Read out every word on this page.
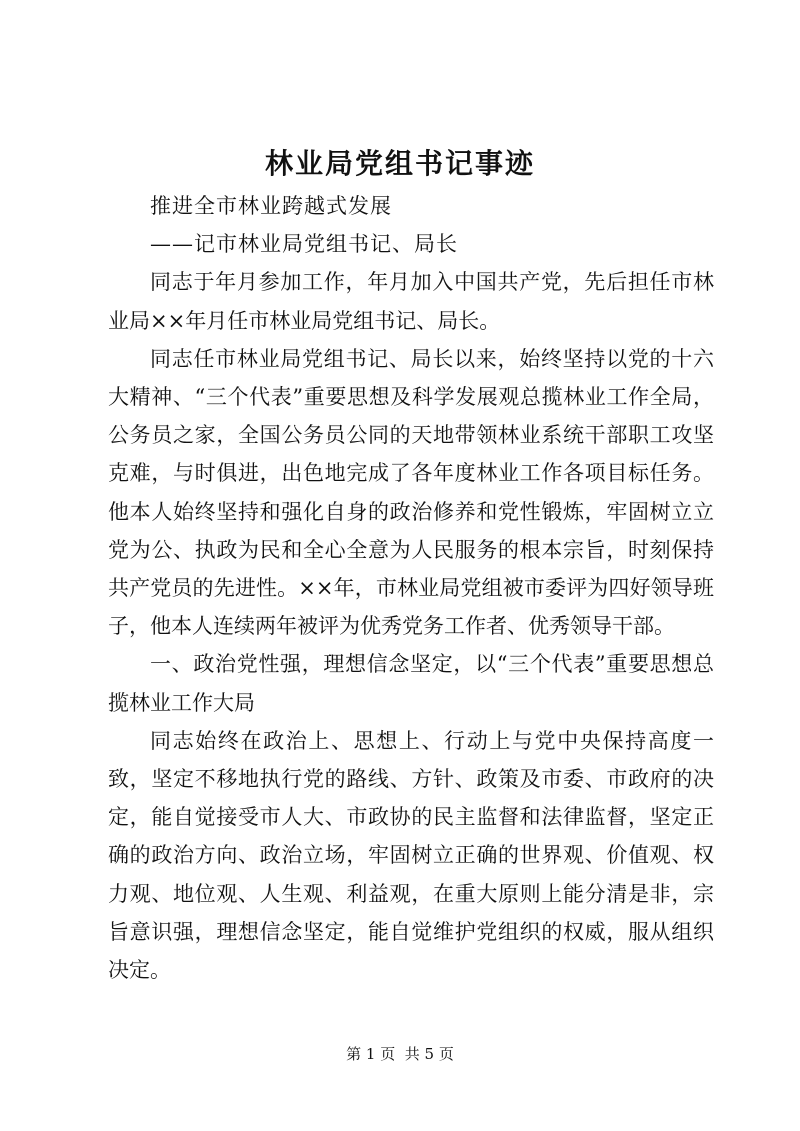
林业局党组书记事迹

推进全市林业跨越式发展

——记市林业局党组书记、局长

同志于年月参加工作，年月加入中国共产党，先后担任市林业局××年月任市林业局党组书记、局长。

同志任市林业局党组书记、局长以来，始终坚持以党的十六大精神、“三个代表”重要思想及科学发展观总揽林业工作全局，公务员之家，全国公务员公同的天地带领林业系统干部职工攻坚克难，与时俱进，出色地完成了各年度林业工作各项目标任务。他本人始终坚持和强化自身的政治修养和党性锻炼，牢固树立立党为公、执政为民和全心全意为人民服务的根本宗旨，时刻保持共产党员的先进性。××年，市林业局党组被市委评为四好领导班子，他本人连续两年被评为优秀党务工作者、优秀领导干部。

一、政治党性强，理想信念坚定，以“三个代表”重要思想总揽林业工作大局

同志始终在政治上、思想上、行动上与党中央保持高度一致，坚定不移地执行党的路线、方针、政策及市委、市政府的决定，能自觉接受市人大、市政协的民主监督和法律监督，坚定正确的政治方向、政治立场，牢固树立正确的世界观、价值观、权力观、地位观、人生观、利益观，在重大原则上能分清是非，宗旨意识强，理想信念坚定，能自觉维护党组织的权威，服从组织决定。

第 1 页  共 5 页
